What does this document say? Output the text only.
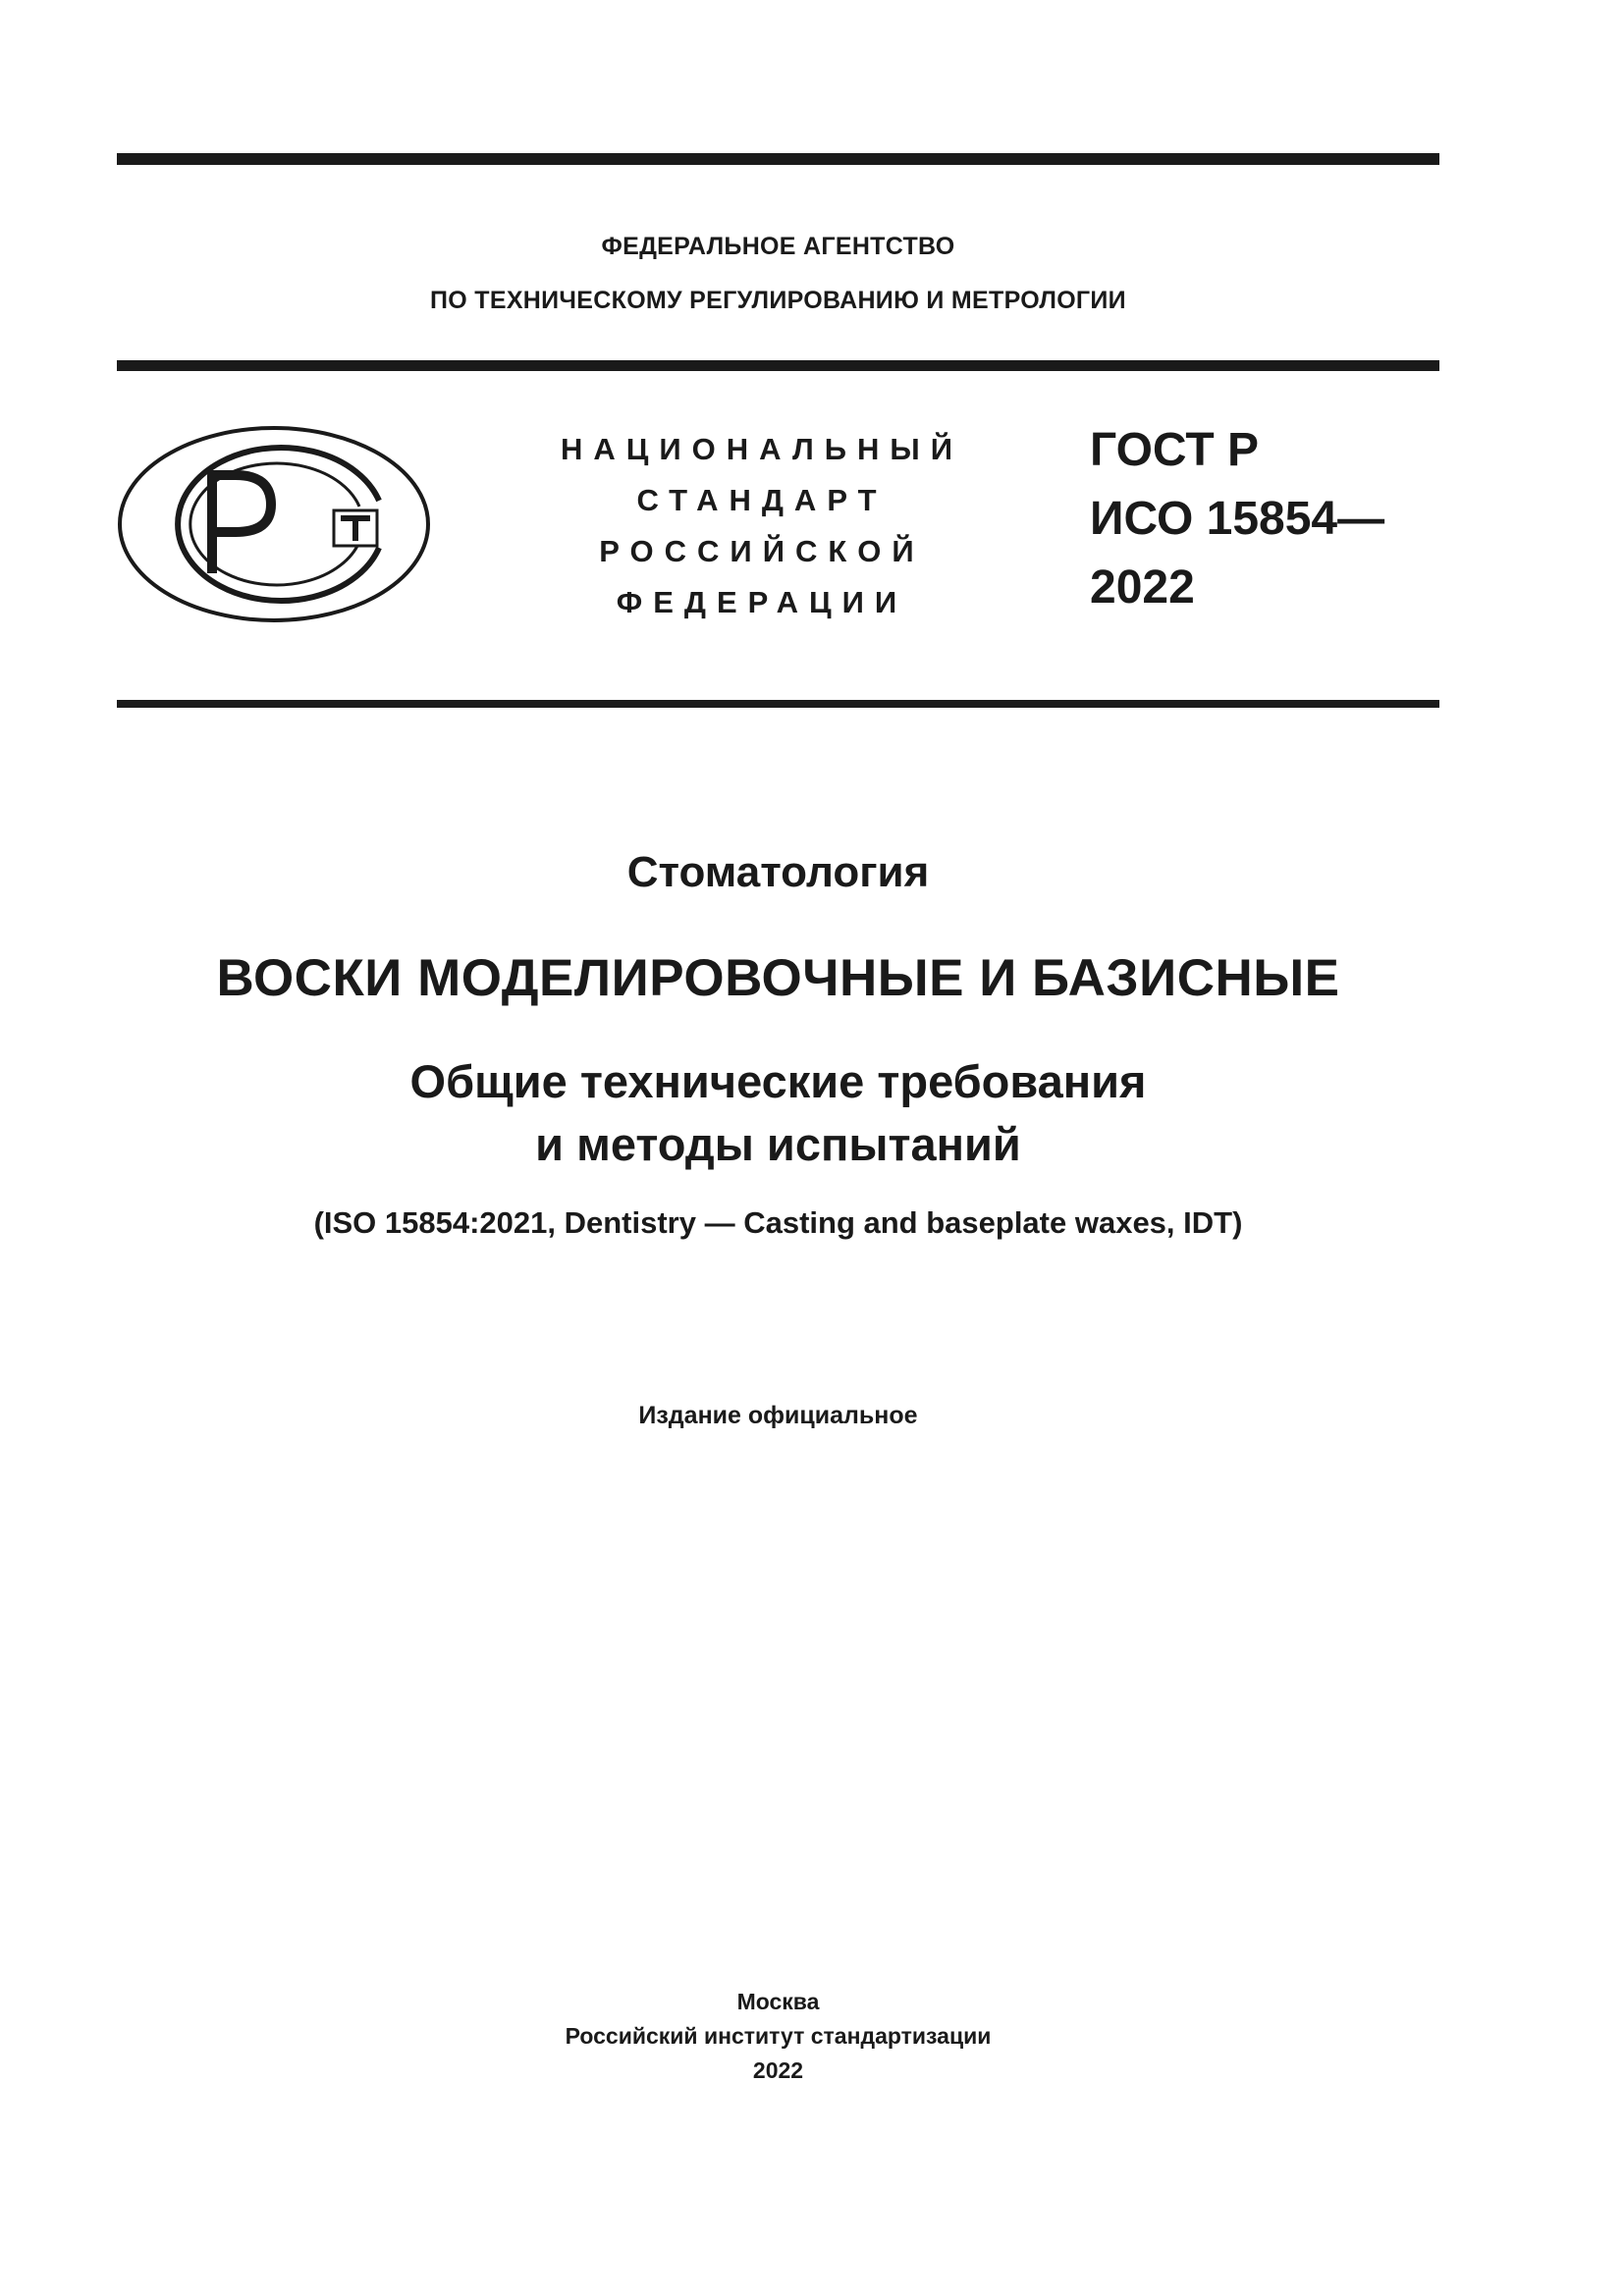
ФЕДЕРАЛЬНОЕ АГЕНТСТВО
ПО ТЕХНИЧЕСКОМУ РЕГУЛИРОВАНИЮ И МЕТРОЛОГИИ
НАЦИОНАЛЬНЫЙ
СТАНДАРТ
РОССИЙСКОЙ
ФЕДЕРАЦИИ
ГОСТ Р
ИСО 15854—
2022
Стоматология
ВОСКИ МОДЕЛИРОВОЧНЫЕ И БАЗИСНЫЕ
Общие технические требования
и методы испытаний
(ISO 15854:2021, Dentistry — Casting and baseplate waxes, IDT)
Издание официальное
Москва
Российский институт стандартизации
2022
